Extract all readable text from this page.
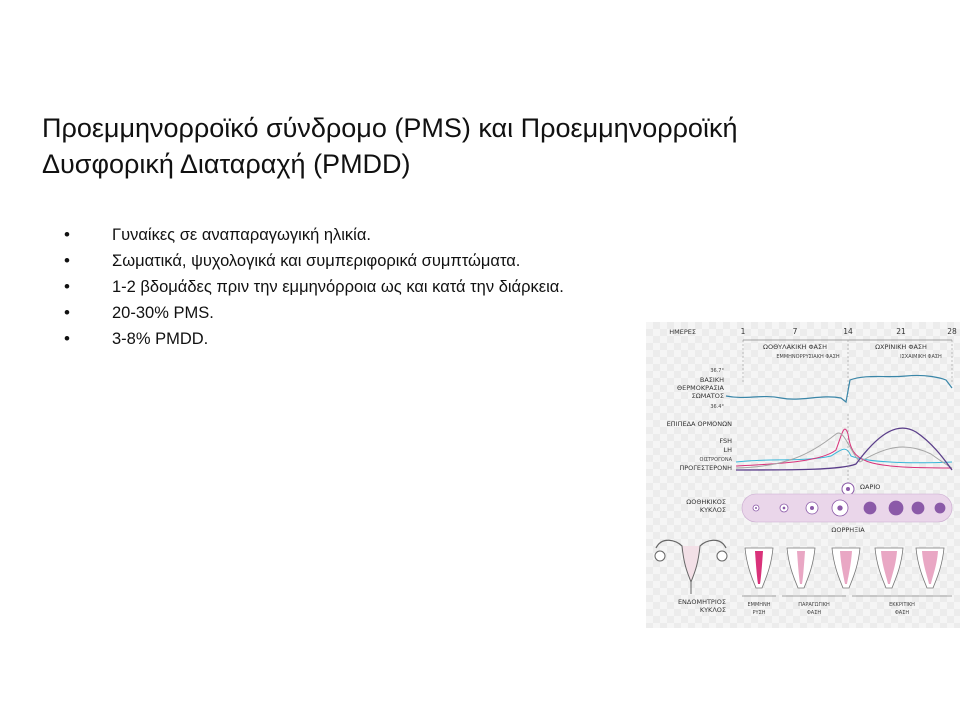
Προεμμηνορροϊκό σύνδρομο (PMS) και Προεμμηνορροϊκή
Δυσφορική Διαταραχή (PMDD)
• Γυναίκες σε αναπαραγωγική ηλικία.
• Σωματικά, ψυχολογικά και συμπεριφορικά συμπτώματα.
• 1-2 βδομάδες πριν την εμμηνόρροια ως και κατά την διάρκεια.
• 20-30% PMS.
• 3-8% PMDD.	ΗΜΕΡΕΣ	1	7	14	21	28
ΩΟΘΥΛΑΚΙΚΗ ΦΑΣΗ
ΕΜΜΗΝΟΡΡΥΣΙΑΚΗ ΦΑΣΗ
ΩΧΡΙΝΙΚΗ ΦΑΣΗ
ΙΣΧΑΙΜΙΚΗ ΦΑΣΗ
36.7°
ΒΑΣΙΚΗ
ΘΕΡΜΟΚΡΑΣΙΑ
ΣΩΜΑΤΟΣ
36.4°
ΕΠΙΠΕΔΑ ΟΡΜΟΝΩΝ
FSH
LH
ΟΙΣΤΡΟΓΟΝΑ
ΠΡΟΓΕΣΤΕΡΟΝΗ
ΩΑΡΙΟ
ΩΟΘΗΚΙΚΟΣ
ΚΥΚΛΟΣ
ΩΟΡΡΗΞΙΑ
ΕΝΔΟΜΗΤΡΙΟΣ
ΚΥΚΛΟΣ
ΕΜΜΗΝΗ
ΡΥΣΗ
ΠΑΡΑΓΩΓΙΚΗ
ΦΑΣΗ
ΕΚΚΡΙΤΙΚΗ
ΦΑΣΗ
